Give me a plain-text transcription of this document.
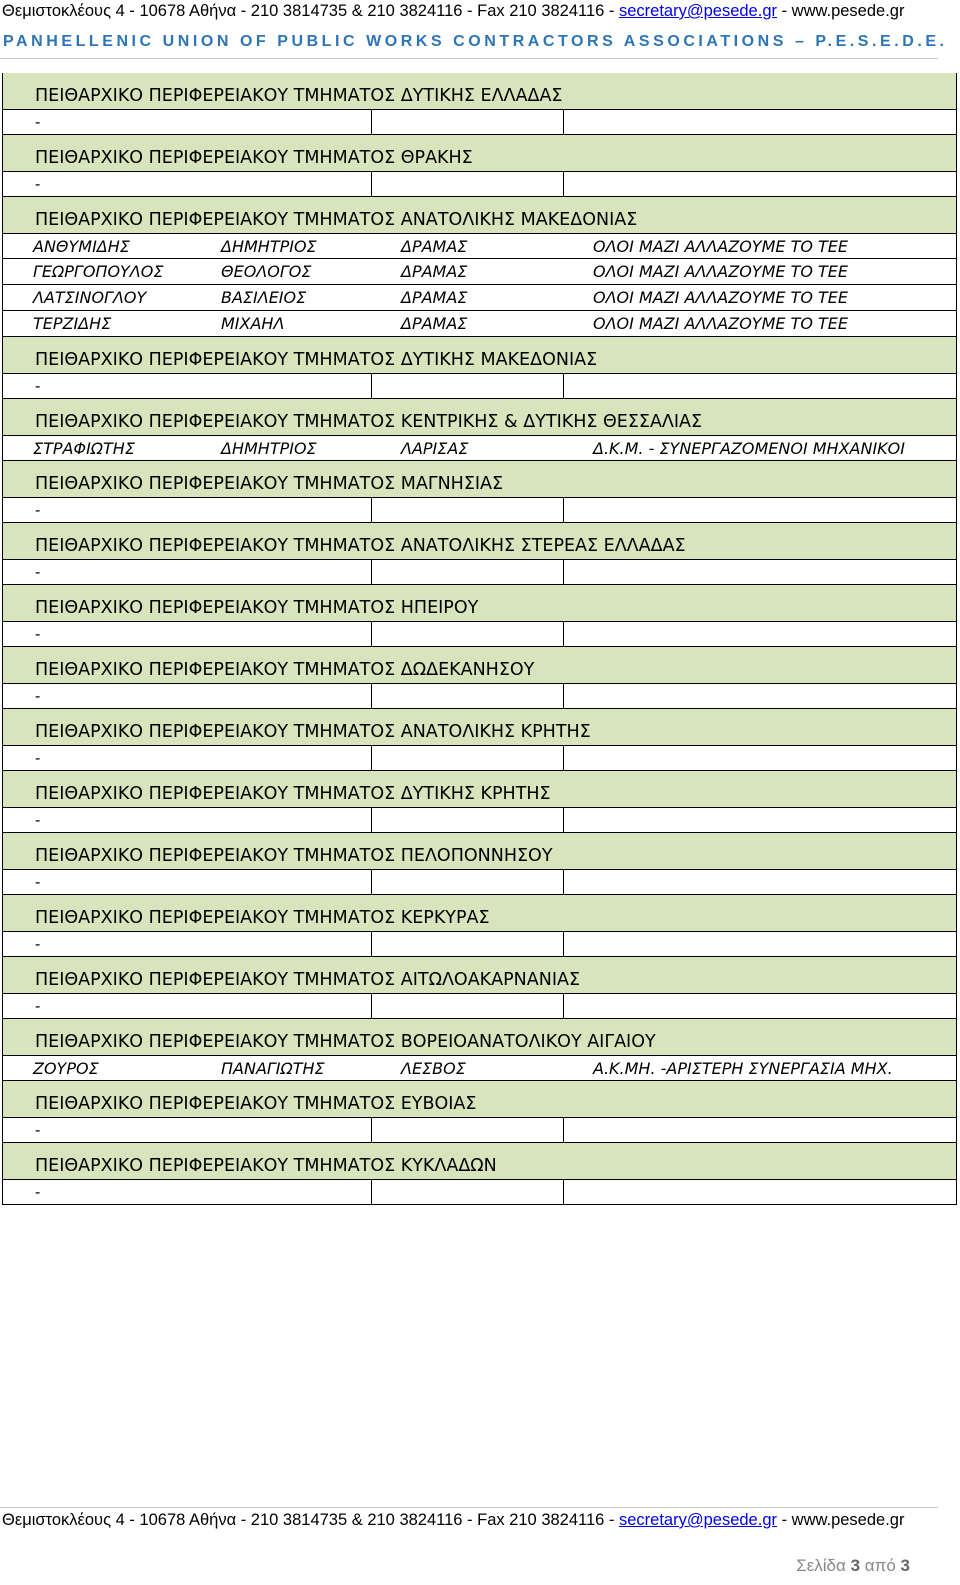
Θεμιστοκλέους 4 - 10678 Αθήνα - 210 3814735 & 210 3824116 - Fax 210 3824116 - secretary@pesede.gr - www.pesede.gr
PANHELLENIC UNION OF PUBLIC WORKS CONTRACTORS ASSOCIATIONS – P.E.S.E.D.E.
ΠΕΙΘΑΡΧΙΚΟ ΠΕΡΙΦΕΡΕΙΑΚΟΥ ΤΜΗΜΑΤΟΣ ΔΥΤΙΚΗΣ ΕΛΛΑΔΑΣ
-
ΠΕΙΘΑΡΧΙΚΟ ΠΕΡΙΦΕΡΕΙΑΚΟΥ ΤΜΗΜΑΤΟΣ ΘΡΑΚΗΣ
-
ΠΕΙΘΑΡΧΙΚΟ ΠΕΡΙΦΕΡΕΙΑΚΟΥ ΤΜΗΜΑΤΟΣ ΑΝΑΤΟΛΙΚΗΣ ΜΑΚΕΔΟΝΙΑΣ
ΑΝΘΥΜΙΔΗΣ	ΔΗΜΗΤΡΙΟΣ	ΔΡΑΜΑΣ	ΟΛΟΙ ΜΑΖΙ ΑΛΛΑΖΟΥΜΕ ΤΟ ΤΕΕ
ΓΕΩΡΓΟΠΟΥΛΟΣ	ΘΕΟΛΟΓΟΣ	ΔΡΑΜΑΣ	ΟΛΟΙ ΜΑΖΙ ΑΛΛΑΖΟΥΜΕ ΤΟ ΤΕΕ
ΛΑΤΣΙΝΟΓΛΟΥ	ΒΑΣΙΛΕΙΟΣ	ΔΡΑΜΑΣ	ΟΛΟΙ ΜΑΖΙ ΑΛΛΑΖΟΥΜΕ ΤΟ ΤΕΕ
ΤΕΡΖΙΔΗΣ	ΜΙΧΑΗΛ	ΔΡΑΜΑΣ	ΟΛΟΙ ΜΑΖΙ ΑΛΛΑΖΟΥΜΕ ΤΟ ΤΕΕ
ΠΕΙΘΑΡΧΙΚΟ ΠΕΡΙΦΕΡΕΙΑΚΟΥ ΤΜΗΜΑΤΟΣ ΔΥΤΙΚΗΣ ΜΑΚΕΔΟΝΙΑΣ
-
ΠΕΙΘΑΡΧΙΚΟ ΠΕΡΙΦΕΡΕΙΑΚΟΥ ΤΜΗΜΑΤΟΣ ΚΕΝΤΡΙΚΗΣ & ΔΥΤΙΚΗΣ ΘΕΣΣΑΛΙΑΣ
ΣΤΡΑΦΙΩΤΗΣ	ΔΗΜΗΤΡΙΟΣ	ΛΑΡΙΣΑΣ	Δ.Κ.Μ. - ΣΥΝΕΡΓΑΖΟΜΕΝΟΙ ΜΗΧΑΝΙΚΟΙ
ΠΕΙΘΑΡΧΙΚΟ ΠΕΡΙΦΕΡΕΙΑΚΟΥ ΤΜΗΜΑΤΟΣ ΜΑΓΝΗΣΙΑΣ
-
ΠΕΙΘΑΡΧΙΚΟ ΠΕΡΙΦΕΡΕΙΑΚΟΥ ΤΜΗΜΑΤΟΣ ΑΝΑΤΟΛΙΚΗΣ ΣΤΕΡΕΑΣ ΕΛΛΑΔΑΣ
-
ΠΕΙΘΑΡΧΙΚΟ ΠΕΡΙΦΕΡΕΙΑΚΟΥ ΤΜΗΜΑΤΟΣ ΗΠΕΙΡΟΥ
-
ΠΕΙΘΑΡΧΙΚΟ ΠΕΡΙΦΕΡΕΙΑΚΟΥ ΤΜΗΜΑΤΟΣ ΔΩΔΕΚΑΝΗΣΟΥ
-
ΠΕΙΘΑΡΧΙΚΟ ΠΕΡΙΦΕΡΕΙΑΚΟΥ ΤΜΗΜΑΤΟΣ ΑΝΑΤΟΛΙΚΗΣ ΚΡΗΤΗΣ
-
ΠΕΙΘΑΡΧΙΚΟ ΠΕΡΙΦΕΡΕΙΑΚΟΥ ΤΜΗΜΑΤΟΣ ΔΥΤΙΚΗΣ ΚΡΗΤΗΣ
-
ΠΕΙΘΑΡΧΙΚΟ ΠΕΡΙΦΕΡΕΙΑΚΟΥ ΤΜΗΜΑΤΟΣ ΠΕΛΟΠΟΝΝΗΣΟΥ
-
ΠΕΙΘΑΡΧΙΚΟ ΠΕΡΙΦΕΡΕΙΑΚΟΥ ΤΜΗΜΑΤΟΣ ΚΕΡΚΥΡΑΣ
-
ΠΕΙΘΑΡΧΙΚΟ ΠΕΡΙΦΕΡΕΙΑΚΟΥ ΤΜΗΜΑΤΟΣ ΑΙΤΩΛΟΑΚΑΡΝΑΝΙΑΣ
-
ΠΕΙΘΑΡΧΙΚΟ ΠΕΡΙΦΕΡΕΙΑΚΟΥ ΤΜΗΜΑΤΟΣ ΒΟΡΕΙΟΑΝΑΤΟΛΙΚΟΥ ΑΙΓΑΙΟΥ
ΖΟΥΡΟΣ	ΠΑΝΑΓΙΩΤΗΣ	ΛΕΣΒΟΣ	Α.Κ.ΜΗ. -ΑΡΙΣΤΕΡΗ ΣΥΝΕΡΓΑΣΙΑ ΜΗΧ.
ΠΕΙΘΑΡΧΙΚΟ ΠΕΡΙΦΕΡΕΙΑΚΟΥ ΤΜΗΜΑΤΟΣ ΕΥΒΟΙΑΣ
-
ΠΕΙΘΑΡΧΙΚΟ ΠΕΡΙΦΕΡΕΙΑΚΟΥ ΤΜΗΜΑΤΟΣ ΚΥΚΛΑΔΩΝ
-
Θεμιστοκλέους 4 - 10678 Αθήνα - 210 3814735 & 210 3824116 - Fax 210 3824116 - secretary@pesede.gr - www.pesede.gr
Σελίδα 3 από 3
